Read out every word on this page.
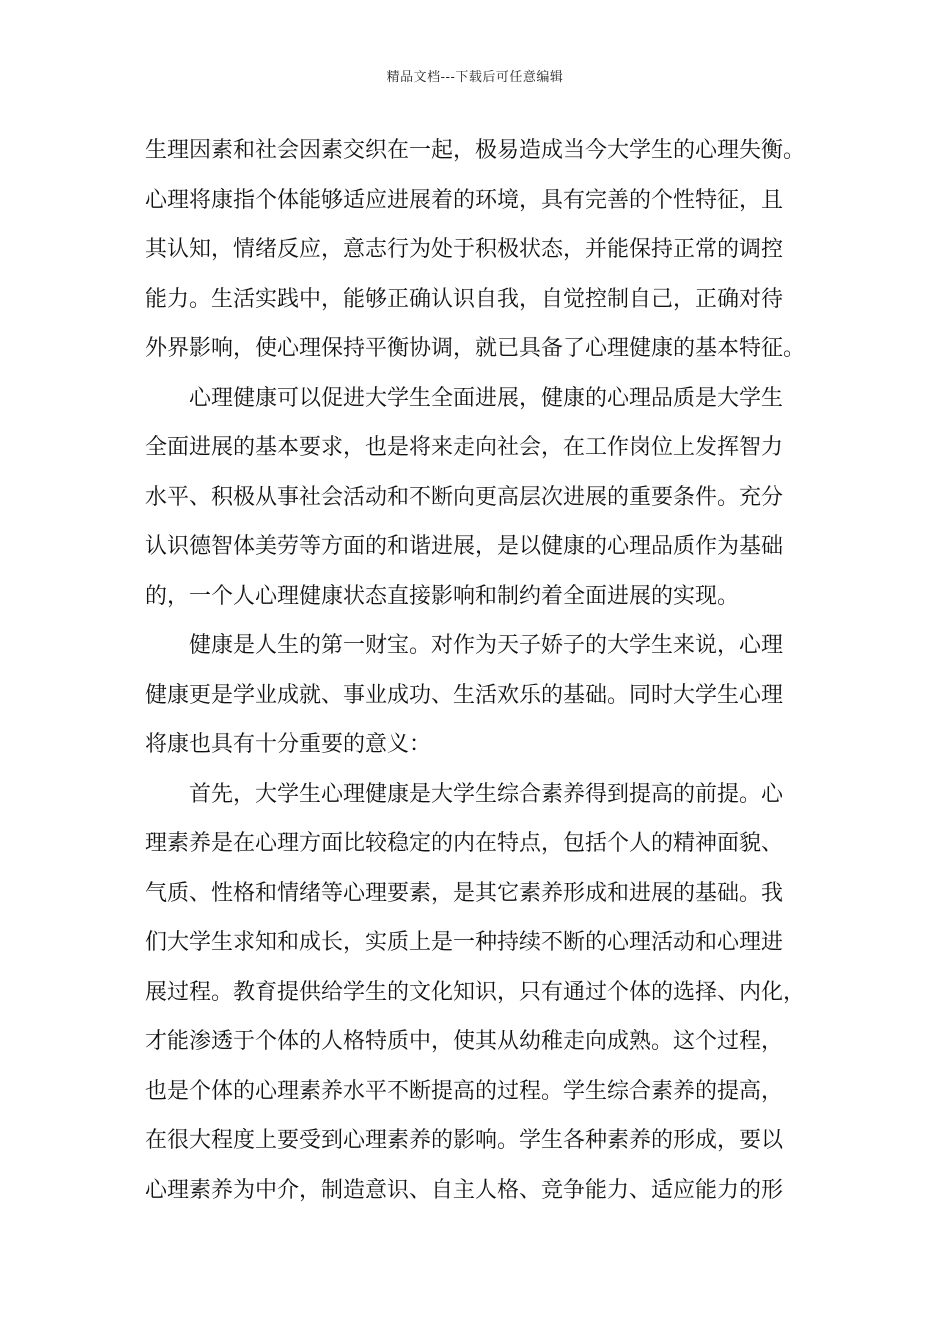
精品文档---下载后可任意编辑
生理因素和社会因素交织在一起，极易造成当今大学生的心理失衡。
心理将康指个体能够适应进展着的环境，具有完善的个性特征，且
其认知，情绪反应，意志行为处于积极状态，并能保持正常的调控
能力。生活实践中，能够正确认识自我，自觉控制自己，正确对待
外界影响，使心理保持平衡协调，就已具备了心理健康的基本特征。
心理健康可以促进大学生全面进展，健康的心理品质是大学生
全面进展的基本要求，也是将来走向社会，在工作岗位上发挥智力
水平、积极从事社会活动和不断向更高层次进展的重要条件。充分
认识德智体美劳等方面的和谐进展，是以健康的心理品质作为基础
的，一个人心理健康状态直接影响和制约着全面进展的实现。
健康是人生的第一财宝。对作为天子娇子的大学生来说，心理
健康更是学业成就、事业成功、生活欢乐的基础。同时大学生心理
将康也具有十分重要的意义：
首先，大学生心理健康是大学生综合素养得到提高的前提。心
理素养是在心理方面比较稳定的内在特点，包括个人的精神面貌、
气质、性格和情绪等心理要素，是其它素养形成和进展的基础。我
们大学生求知和成长，实质上是一种持续不断的心理活动和心理进
展过程。教育提供给学生的文化知识，只有通过个体的选择、内化，
才能渗透于个体的人格特质中，使其从幼稚走向成熟。这个过程，
也是个体的心理素养水平不断提高的过程。学生综合素养的提高，
在很大程度上要受到心理素养的影响。学生各种素养的形成，要以
心理素养为中介，制造意识、自主人格、竞争能力、适应能力的形
